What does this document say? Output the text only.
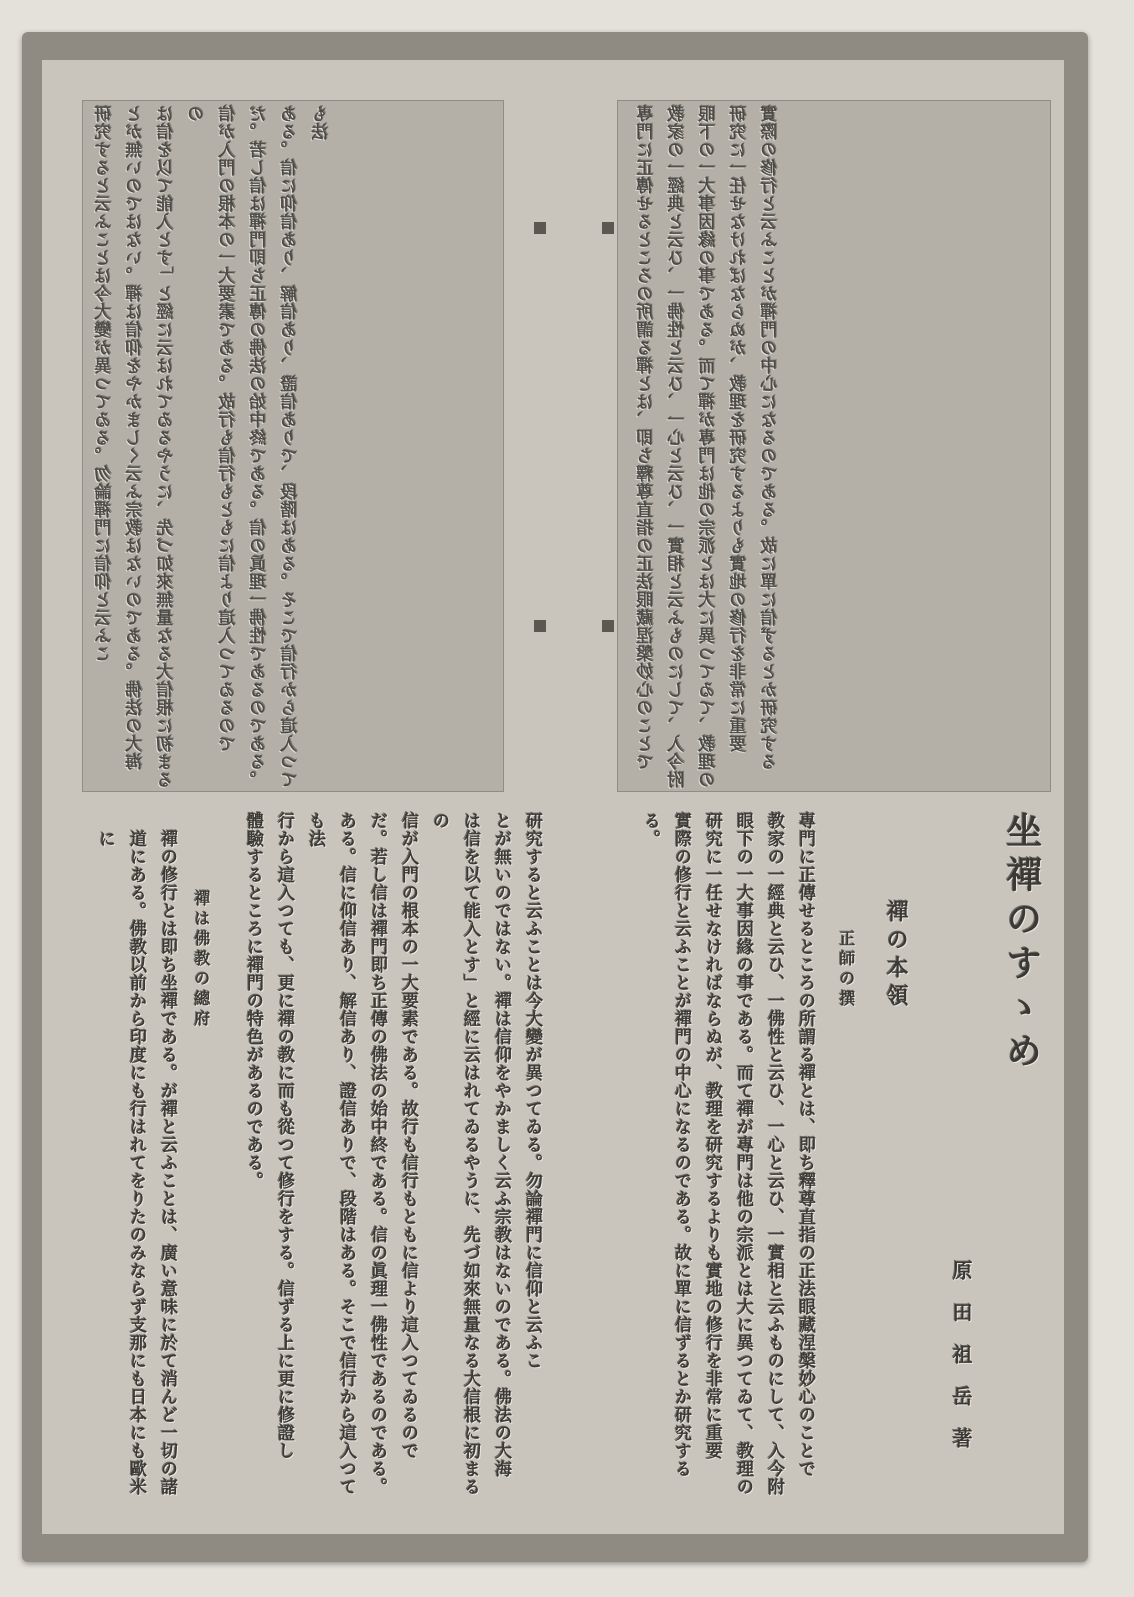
專門に正傳せるところの所謂る禪とは、即ち釋尊直指の正法眼藏涅槃妙心のことで 教家の一經典と云ひ、一佛性と云ひ、一心と云ひ、一實相と云ふものにして、入今附 眼下の一大事因緣の事である。而て禪が專門は他の宗派とは大に異つてゐて、教理の 研究に一任せなければならぬが、教理を研究するよりも實地の修行を非常に重要 實際の修行と云ふことが禪門の中心になるのである。故に單に信ずるとか研究する
研究すると云ふことは今大變が異つてゐる。勿論禪門に信仰と云ふこ とが無いのではない。禪は信仰をやかましく云ふ宗教はないのである。佛法の大海 は信を以て能入とす」と經に云はれてゐるやうに、先づ如來無量なる大信根に初まるの 信が入門の根本の一大要素である。故行も信行もともに信より這入つてゐるので だ。若し信は禪門即ち正傳の佛法の始中終である。信の眞理一佛性であるのである。 ある。信に仰信あり、解信あり、證信ありで、段階はある。そこで信行から這入つても法
坐禪のすゝめ
禪の本領
正師の撰
原田祖岳著
專門に正傳せるところの所謂る禪とは、即ち釋尊直指の正法眼藏涅槃妙心のことで
教家の一經典と云ひ、一佛性と云ひ、一心と云ひ、一實相と云ふものにして、入今附
眼下の一大事因緣の事である。而て禪が專門は他の宗派とは大に異つてゐて、教理の
研究に一任せなければならぬが、教理を研究するよりも實地の修行を非常に重要
實際の修行と云ふことが禪門の中心になるのである。故に單に信ずるとか研究する
る。
研究すると云ふことは今大變が異つてゐる。勿論禪門に信仰と云ふこ
とが無いのではない。禪は信仰をやかましく云ふ宗教はないのである。佛法の大海
は信を以て能入とす」と經に云はれてゐるやうに、先づ如來無量なる大信根に初まるの
信が入門の根本の一大要素である。故行も信行もともに信より這入つてゐるので
だ。若し信は禪門即ち正傳の佛法の始中終である。信の眞理一佛性であるのである。
ある。信に仰信あり、解信あり、證信ありで、段階はある。そこで信行から這入つても法
行から這入つても、更に禪の教に而も從つて修行をする。信ずる上に更に修證し
體驗するところに禪門の特色があるのである。
禪は佛教の總府
禪の修行とは即ち坐禪である。が禪と云ふことは、廣い意味に於て消んど一切の諸
道にある。佛教以前から印度にも行はれてをりたのみならず支那にも日本にも歐米に
